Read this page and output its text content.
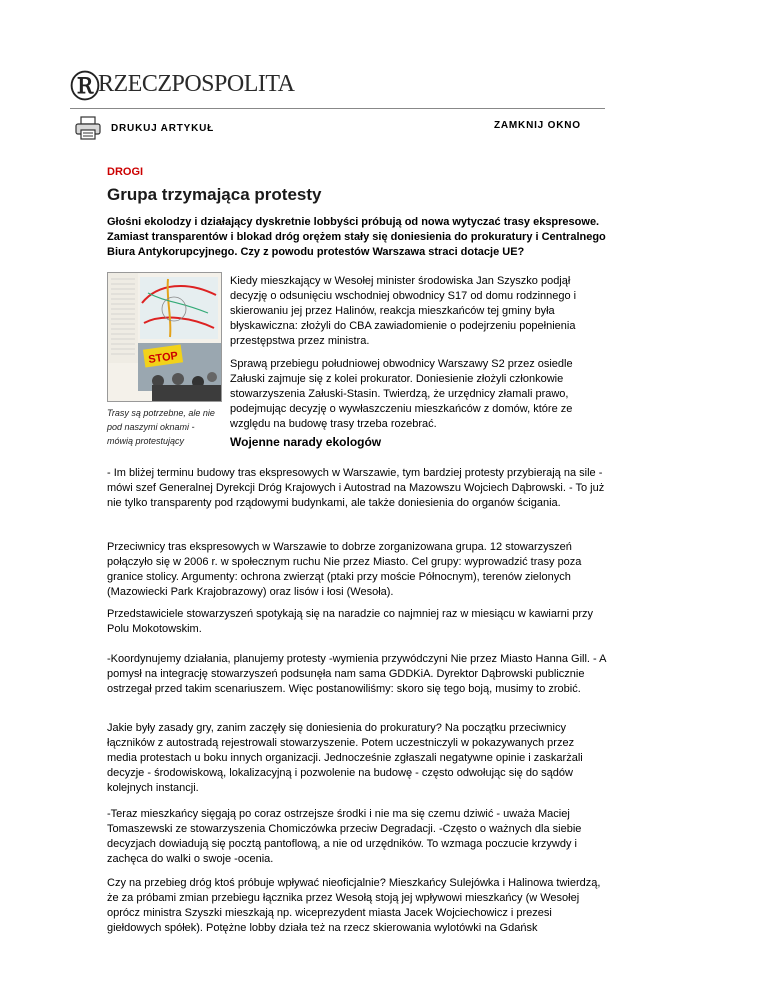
Ⓡ
RZECZPOSPOLITA
DRUKUJ ARTYKUŁ	ZAMKNIJ OKNO
DROGI
Grupa trzymająca protesty

Głośni ekolodzy i działający dyskretnie lobbyści próbują od nowa wytyczać trasy ekspresowe. Zamiast transparentów i blokad dróg orężem stały się doniesienia do prokuratury i Centralnego Biura Antykorupcyjnego. Czy z powodu protestów Warszawa straci dotacje UE?

STOP
Trasy są potrzebne, ale nie pod naszymi oknami - mówią protestujący

Kiedy mieszkający w Wesołej minister środowiska Jan Szyszko podjął decyzję o odsunięciu wschodniej obwodnicy S17 od domu rodzinnego i skierowaniu jej przez Halinów, reakcja mieszkańców tej gminy była błyskawiczna: złożyli do CBA zawiadomienie o podejrzeniu popełnienia przestępstwa przez ministra.

Sprawą przebiegu południowej obwodnicy Warszawy S2 przez osiedle Załuski zajmuje się z kolei prokurator. Doniesienie złożyli członkowie stowarzyszenia Załuski-Stasin. Twierdzą, że urzędnicy złamali prawo, podejmując decyzję o wywłaszczeniu mieszkańców z domów, które ze względu na budowę trasy trzeba rozebrać.

Wojenne narady ekologów

- Im bliżej terminu budowy tras ekspresowych w Warszawie, tym bardziej protesty przybierają na sile -mówi szef Generalnej Dyrekcji Dróg Krajowych i Autostrad na Mazowszu Wojciech Dąbrowski. - To już nie tylko transparenty pod rządowymi budynkami, ale także doniesienia do organów ścigania.

Przeciwnicy tras ekspresowych w Warszawie to dobrze zorganizowana grupa. 12 stowarzyszeń połączyło się w 2006 r. w społecznym ruchu Nie przez Miasto. Cel grupy: wyprowadzić trasy poza granice stolicy. Argumenty: ochrona zwierząt (ptaki przy moście Północnym), terenów zielonych (Mazowiecki Park Krajobrazowy) oraz lisów i łosi (Wesoła).

Przedstawiciele stowarzyszeń spotykają się na naradzie co najmniej raz w miesiącu w kawiarni przy Polu Mokotowskim.

-Koordynujemy działania, planujemy protesty -wymienia przywódczyni Nie przez Miasto Hanna Gill. - A pomysł na integrację stowarzyszeń podsunęła nam sama GDDKiA. Dyrektor Dąbrowski publicznie ostrzegał przed takim scenariuszem. Więc postanowiliśmy: skoro się tego boją, musimy to zrobić.

Jakie były zasady gry, zanim zaczęły się doniesienia do prokuratury? Na początku przeciwnicy łączników z autostradą rejestrowali stowarzyszenie. Potem uczestniczyli w pokazywanych przez media protestach u boku innych organizacji. Jednocześnie zgłaszali negatywne opinie i zaskarżali decyzje - środowiskową, lokalizacyjną i pozwolenie na budowę - często odwołując się do sądów kolejnych instancji.

-Teraz mieszkańcy sięgają po coraz ostrzejsze środki i nie ma się czemu dziwić - uważa Maciej Tomaszewski ze stowarzyszenia Chomiczówka przeciw Degradacji. -Często o ważnych dla siebie decyzjach dowiadują się pocztą pantoflową, a nie od urzędników. To wzmaga poczucie krzywdy i zachęca do walki o swoje -ocenia.

Czy na przebieg dróg ktoś próbuje wpływać nieoficjalnie? Mieszkańcy Sulejówka i Halinowa twierdzą, że za próbami zmian przebiegu łącznika przez Wesołą stoją jej wpływowi mieszkańcy (w Wesołej oprócz ministra Szyszki mieszkają np. wiceprezydent miasta Jacek Wojciechowicz i prezesi giełdowych spółek). Potężne lobby działa też na rzecz skierowania wylotówki na Gdańsk
